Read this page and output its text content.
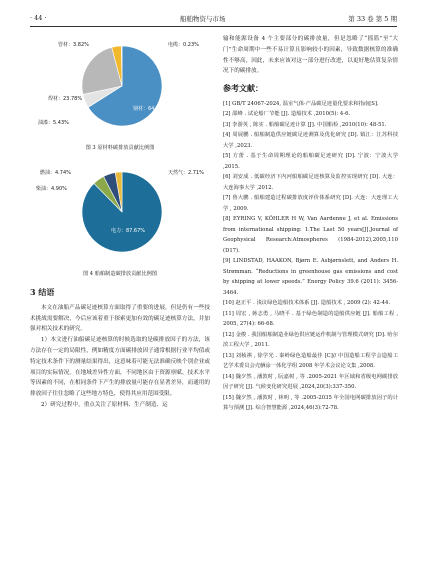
· 44 ·	船舶物资与市场	第 33 卷 第 5 期
钢材：64.73%
油漆：5.43%
焊材：23.78%
管材：3.82%	电缆：0.23%
图 3 原材料碳排放贡献比例图
电力：87.67%
燃油：4.74%
柴油：4.90%
天然气：2.71%
图 4 船舶制造碳排放贡献比例图
3 结语

本文在油船产品碳足迹核算方面取得了重要的进展，但是仍有一些技术挑战需要解决，今后应该着重于探索更加有效的碳足迹核算方法，并加强对相关技术的研究。

1）本文进行油船碳足迹核算的时候选取的是碳排放因子的方法，该方法存在一定的局限性，例如精度方面碳排放因子通常根据行业平均值或特定技术条件下的测量结果得出，这意味着可能无法准确反映个别企业或项目的实际情况。在地域差异性方面，不同地区由于资源禀赋、技术水平等因素的不同，在相同条件下产生的排放量可能存在显著差异，而通用的排放因子往往忽略了这些地方特色，使得其应用范围受限。

2）研究过程中，重点关注了原材料、生产制造、运

输和能源设备 4 个主要部分的碳排放量，但是忽略了“摇篮”至“大门”生命周期中一些不易计算且影响较小的因素，导致数据核算的准确性不够高，因此，未来应该对这一部分进行改进，以更好地估算复杂情况下的碳排放。

参考文献：

[1] GB/T 24067-2024, 温室气体·产品碳足迹量化要求和指南[S].

[2] 邵峰 . 试论船厂节能 [J]. 造船技术 ,2010(5): 4-6.

[3] 李游英 , 陈实 . 船舶碳足迹计算 [J]. 中国船检 ,2010(10): 48-51.

[4] 周展鹏 . 船舶制造供应链碳足迹测算及优化研究 [D]. 镇江：江苏科技大学 ,2023.

[5] 方蕾 . 基于生命周期理论的船舶碳足迹研究 [D]. 宁波：宁波大学 ,2015.

[6] 刘安成 . 低碳经济下内河船舶碳足迹核算及监控实现研究 [D]. 大连：大连海事大学 ,2012.

[7] 鲁大鹏 . 船舶建造过程碳排放度评价体系研究 [D]. 大连：大连理工大学 , 2009.

[8] EYRING V, KÖHLER H W, Van Aardenne J, et al. Emissions from international shipping: 1.The Last 50 years[J].Journal of Geophysical Research:Atmospheres (1984-2012),2005,110 (D17).

[9] LINDSTAD, HAAKON, Bjørn E. Asbjørnslett, and Anders H. Strømman. “Reductions in greenhouse gas emissions and cost by shipping at lower speeds.” Energy Policy 39.6 (2011): 3456-3464.

[10] 赵正平 . 浅议绿色造船技术体系 [J]. 造船技术 , 2009 (2): 42-44.

[11] 周宏 , 蒋志勇 , 马晓平 . 基于绿色制造的造船供应链 [J]. 船舶工程 , 2005, 27(4): 66-68.

[12] 金梭 . 我国船舶制造业绿色供应链运作机制与管理模式研究 [D]. 哈尔滨工程大学 , 2011.

[13] 刘桢祺 , 徐学光 . 秦岭绿色造船最佳 [C]// 中国造船工程学会造船工艺学术委员会壳舾涂一体化学组 2008 年学术会议论文集 ,2008.

[14] 魏夕然 , 潘敦时 , 阮嘉树 , 等 .2005-2021 年区域和省级电网碳排放因子研究 [J]. 气候变化研究进展 ,2024,20(3):337-350.

[15] 魏夕然 , 潘敦时 , 林明 , 等 .2005-2035 年全国电网碳排放因子的计算与预测 [J]. 综合智慧能源 ,2024,46(3):72-78.
